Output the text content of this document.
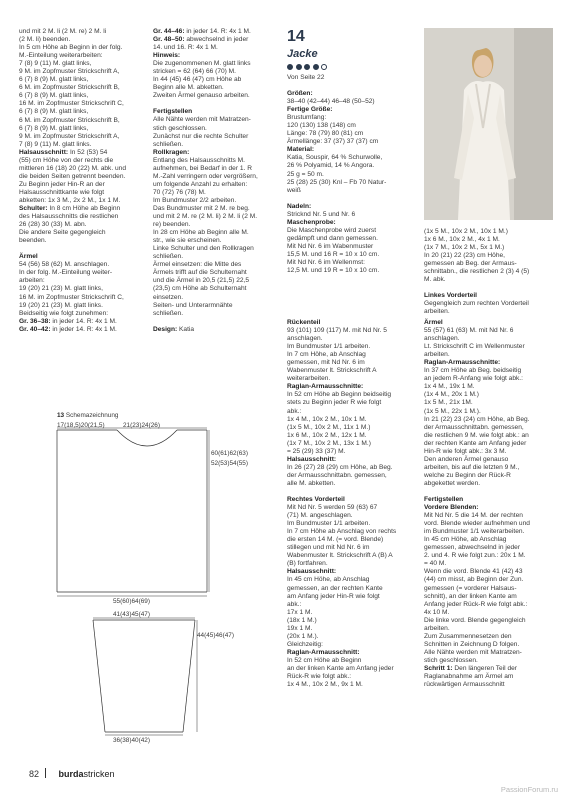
und mit 2 M. li (2 M. re) 2 M. li

(2 M. li) beenden.

In 5 cm Höhe ab Beginn in der folg.

M.-Einteilung weiterarbeiten:

7 (8) 9 (11) M. glatt links,

9 M. im Zopfmuster Strickschrift A,

6 (7) 8 (9) M. glatt links,

6 M. im Zopfmuster Strickschrift B,

6 (7) 8 (9) M. glatt links,

16 M. im Zopfmuster Strickschrift C,

6 (7) 8 (9) M. glatt links,

6 M. im Zopfmuster Strickschrift B,

6 (7) 8 (9) M. glatt links,

9 M. im Zopfmuster Strickschrift A,

7 (8) 9 (11) M. glatt links.

Halsausschnitt: In 52 (53) 54

(55) cm Höhe von der rechts die

mittleren 16 (18) 20 (22) M. abk. und

die beiden Seiten getrennt beenden.

Zu Beginn jeder Hin-R an der

Halsausschnittkante wie folgt

abketten: 1x 3 M., 2x 2 M., 1x 1 M.

Schulter: In 8 cm Höhe ab Beginn

des Halsausschnitts die restlichen

26 (28) 30 (33) M. abn.

Die andere Seite gegengleich

beenden.

Ärmel

54 (56) 58 (62) M. anschlagen.

In der folg. M.-Einteilung weiter-

arbeiten:

19 (20) 21 (23) M. glatt links,

16 M. im Zopfmuster Strickschrift C,

19 (20) 21 (23) M. glatt links.

Beidseitig wie folgt zunehmen:

Gr. 36–38: in jeder 14. R: 4x 1 M.

Gr. 40–42: in jeder 14. R: 4x 1 M.

Gr. 44–46: in jeder 14. R: 4x 1 M.

Gr. 48–50: abwechselnd in jeder

14. und 16. R: 4x 1 M.

Hinweis:

Die zugenommenen M. glatt links

stricken = 62 (64) 66 (70) M.

In 44 (45) 46 (47) cm Höhe ab

Beginn alle M. abketten.

Zweiten Ärmel genauso arbeiten.

Fertigstellen

Alle Nähte werden mit Matratzen-

stich geschlossen.

Zunächst nur die rechte Schulter

schließen.

Rollkragen:

Entlang des Halsausschnitts M.

aufnehmen, bei Bedarf in der 1. R

M.-Zahl verringern oder vergrößern,

um folgende Anzahl zu erhalten:

70 (72) 76 (78) M.

Im Bundmuster 2/2 arbeiten.

Das Bundmuster mit 2 M. re beg.

und mit 2 M. re (2 M. li) 2 M. li (2 M.

re) beenden.

In 28 cm Höhe ab Beginn alle M.

str., wie sie erscheinen.

Linke Schulter und den Rollkragen

schließen.

Ärmel einsetzen: die Mitte des

Ärmels trifft auf die Schulternaht

und die Ärmel in 20,5 (21,5) 22,5

(23,5) cm Höhe ab Schulternaht

einsetzen.

Seiten- und Unterarmnähte

schließen.

Design: Katia

14

Jacke

Von Seite 22

Größen:

38–40 (42–44) 46–48 (50–52)

Fertige Größe:

Brustumfang:

120 (130) 138 (148) cm

Länge: 78 (79) 80 (81) cm

Ärmellänge: 37 (37) 37 (37) cm

Material:

Katia, Souspir, 64 % Schurwolle,

26 % Polyamid, 14 % Angora.

25 g = 50 m.

25 (28) 25 (30) Knl – Fb 70 Natur-

weiß

Nadeln:

Stricknd Nr. 5 und Nr. 6

Maschenprobe:

Die Maschenprobe wird zuerst

gedämpft und dann gemessen.

Mit Nd Nr. 6 im Wabenmuster

15,5 M. und 16 R = 10 x 10 cm.

Mit Nd Nr. 6 im Wellenmst:

12,5 M. und 19 R = 10 x 10 cm.

(1x 5 M., 10x 2 M., 10x 1 M.)

1x 6 M., 10x 2 M., 4x 1 M.

(1x 7 M., 10x 2 M., 5x 1 M.)

In 20 (21) 22 (23) cm Höhe,

gemessen ab Beg. der Armaus-

schnittabn., die restlichen 2 (3) 4 (5)

M. abk.

Linkes Vorderteil

Gegengleich zum rechten Vorderteil

arbeiten.

Rückenteil

93 (101) 109 (117) M. mit Nd Nr. 5

anschlagen.

Im Bundmuster 1/1 arbeiten.

In 7 cm Höhe, ab Anschlag

gemessen, mit Nd Nr. 6 im

Wabenmuster lt. Strickschrift A

weiterarbeiten.

Raglan-Armausschnitte:

In 52 cm Höhe ab Beginn beidseitig

stets zu Beginn jeder R wie folgt

abk.:

1x 4 M., 10x 2 M., 10x 1 M.

(1x 5 M., 10x 2 M., 11x 1 M.)

1x 6 M., 10x 2 M., 12x 1 M.

(1x 7 M., 10x 2 M., 13x 1 M.)

= 25 (29) 33 (37) M.

Halsausschnitt:

In 26 (27) 28 (29) cm Höhe, ab Beg.

der Armausschnittabn. gemessen,

alle M. abketten.

Rechtes Vorderteil

Mit Nd Nr. 5 werden 59 (63) 67

(71) M. angeschlagen.

Im Bundmuster 1/1 arbeiten.

In 7 cm Höhe ab Anschlag von rechts

die ersten 14 M. (= vord. Blende)

stillegen und mit Nd Nr. 6 im

Wabenmuster lt. Strickschrift A (B) A

(B) fortfahren.

Halsausschnitt:

In 45 cm Höhe, ab Anschlag

gemessen, an der rechten Kante

am Anfang jeder Hin-R wie folgt

abk.:

17x 1 M.

(18x 1 M.)

19x 1 M.

(20x 1 M.).

Gleichzeitig:

Raglan-Armausschnitt:

In 52 cm Höhe ab Beginn

an der linken Kante am Anfang jeder

Rück-R wie folgt abk.:

1x 4 M., 10x 2 M., 9x 1 M.

Ärmel

55 (57) 61 (63) M. mit Nd Nr. 6

anschlagen.

Lt. Strickschrift C im Wellenmuster

arbeiten.

Raglan-Armausschnitte:

In 37 cm Höhe ab Beg. beidseitig

an jedem R-Anfang wie folgt abk.:

1x 4 M., 19x 1 M.

(1x 4 M., 20x 1 M.)

1x 5 M., 21x 1M.

(1x 5 M., 22x 1 M.).

In 21 (22) 23 (24) cm Höhe, ab Beg.

der Armausschnittabn. gemessen,

die restlichen 9 M. wie folgt abk.: an

der rechten Kante am Anfang jeder

Hin-R wie folgt abk.: 3x 3 M.

Den anderen Ärmel genauso

arbeiten, bis auf die letzten 9 M.,

welche zu Beginn der Rück-R

abgekettet werden.

Fertigstellen

Vordere Blenden:

Mit Nd Nr. 5 die 14 M. der rechten

vord. Blende wieder aufnehmen und

im Bundmuster 1/1 weiterarbeiten.

In 45 cm Höhe, ab Anschlag

gemessen, abwechselnd in jeder

2. und 4. R wie folgt zun.: 20x 1 M.

= 40 M.

Wenn die vord. Blende 41 (42) 43

(44) cm misst, ab Beginn der Zun.

gemessen (= vorderer Halsaus-

schnitt), an der linken Kante am

Anfang jeder Rück-R wie folgt abk.:

4x 10 M.

Die linke vord. Blende gegengleich

arbeiten.

Zum Zusammennesetzen den

Schnitten in Zeichnung D folgen.

Alle Nähte werden mit Matratzen-

stich geschlossen.

Schritt 1: Den längeren Teil der

Raglanabnahme am Ärmel am

rückwärtigen Armausschnitt

13 Schemazeichnung
17(18,5)20(21,5)	21(23)24(26)
60(61)62(63)
52(53)54(55)
55(60)64(69)
41(43)45(47)
44(45)46(47)
36(38)40(42)
82 burdastricken
PassionForum.ru
